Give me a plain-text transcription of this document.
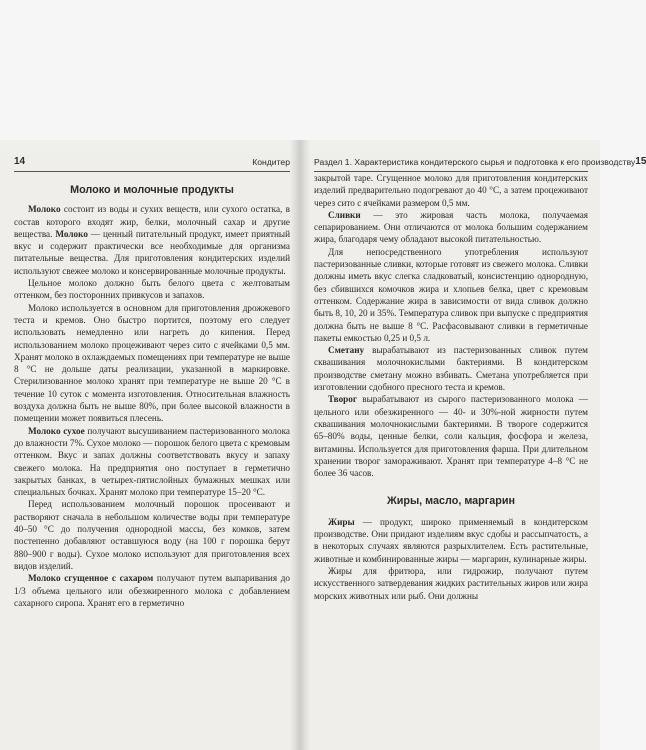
14	Кондитер
Молоко и молочные продукты

Молоко состоит из воды и сухих веществ, или сухого остатка, в состав которого входят жир, белки, молочный сахар и другие вещества. Молоко — ценный питательный продукт, имеет приятный вкус и содержит практически все необходимые для организма питательные вещества. Для приготовления кондитерских изделий используют свежее молоко и консервированные молочные продукты.

Цельное молоко должно быть белого цвета с желтоватым оттенком, без посторонних привкусов и запахов.

Молоко используется в основном для приготовления дрожжевого теста и кремов. Оно быстро портится, поэтому его следует использовать немедленно или нагреть до кипения. Перед использованием молоко процеживают через сито с ячейками 0,5 мм. Хранят молоко в охлаждаемых помещениях при температуре не выше 8 °С не дольше даты реализации, указанной в маркировке. Стерилизованное молоко хранят при температуре не выше 20 °С в течение 10 суток с момента изготовления. Относительная влажность воздуха должна быть не выше 80%, при более высокой влажности в помещении может появиться плесень.

Молоко сухое получают высушиванием пастеризованного молока до влажности 7%. Сухое молоко — порошок белого цвета с кремовым оттенком. Вкус и запах должны соответствовать вкусу и запаху свежего молока. На предприятия оно поступает в герметично закрытых банках, в четырех-пятислойных бумажных мешках или специальных бочках. Хранят молоко при температуре 15–20 °С.

Перед использованием молочный порошок просеивают и растворяют сначала в небольшом количестве воды при температуре 40–50 °С до получения однородной массы, без комков, затем постепенно добавляют оставшуюся воду (на 100 г порошка берут 880–900 г воды). Сухое молоко используют для приготовления всех видов изделий.

Молоко сгущенное с сахаром получают путем выпаривания до 1/3 объема цельного или обезжиренного молока с добавлением сахарного сиропа. Хранят его в герметично

Раздел 1. Характеристика кондитерского сырья и подготовка к его производству 15

закрытой таре. Сгущенное молоко для приготовления кондитерских изделий предварительно подогревают до 40 °С, а затем процеживают через сито с ячейками размером 0,5 мм.

Сливки — это жировая часть молока, получаемая сепарированием. Они отличаются от молока большим содержанием жира, благодаря чему обладают высокой питательностью.

Для непосредственного употребления используют пастеризованные сливки, которые готовят из свежего молока. Сливки должны иметь вкус слегка сладковатый, консистенцию однородную, без сбившихся комочков жира и хлопьев белка, цвет с кремовым оттенком. Содержание жира в зависимости от вида сливок должно быть 8, 10, 20 и 35%. Температура сливок при выпуске с предприятия должна быть не выше 8 °С. Расфасовывают сливки в герметичные пакеты емкостью 0,25 и 0,5 л.

Сметану вырабатывают из пастеризованных сливок путем сквашивания молочнокислыми бактериями. В кондитерском производстве сметану можно взбивать. Сметана употребляется при изготовлении сдобного пресного теста и кремов.

Творог вырабатывают из сырого пастеризованного молока — цельного или обезжиренного — 40- и 30%-ной жирности путем сквашивания молочнокислыми бактериями. В твороге содержится 65–80% воды, ценные белки, соли кальция, фосфора и железа, витамины. Используется для приготовления фарша. При длительном хранении творог замораживают. Хранят при температуре 4–8 °С не более 36 часов.

Жиры, масло, маргарин

Жиры — продукт, широко применяемый в кондитерском производстве. Они придают изделиям вкус сдобы и рассыпчатость, а в некоторых случаях являются разрыхлителем. Есть растительные, животные и комбинированные жиры — маргарин, кулинарные жиры.

Жиры для фритюра, или гидрожир, получают путем искусственного затвердевания жидких растительных жиров или жира морских животных или рыб. Они должны
